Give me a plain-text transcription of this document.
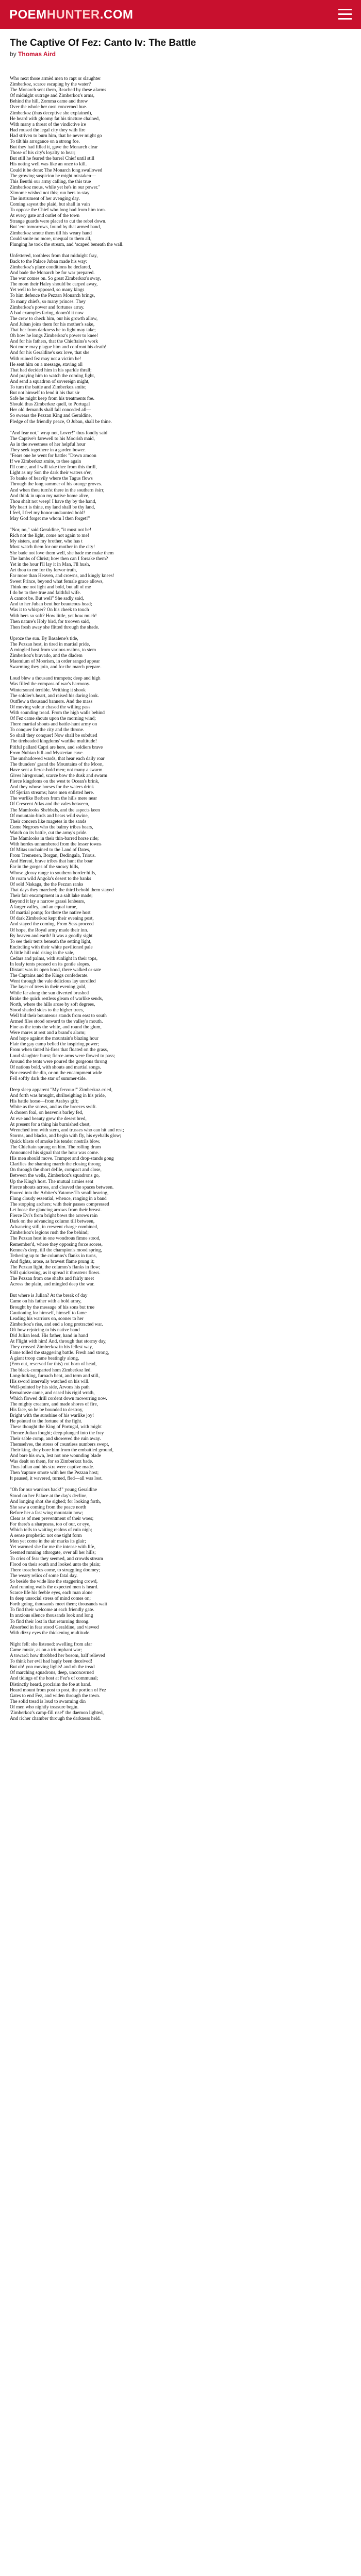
POEMHUNTER.COM
The Captive Of Fez: Canto Iv: The Battle
by Thomas Aird
Who next those armèd men to rapt or slaughter
Zimberkoz, scarce escaping by the water?
The Monarch sent them, Reached by these alarms
Of midnight outrage and Zimberkoz's arms,
Behind the hill, Zomma came and threw
Over the whole her own concerned hue.
Zimberkoz (thus deceptive she explained),
He heard with gloomy fat his tincture chained,
With many a threat of the vindictive ire
Had roused the legal city they with fire
Had striven to burn him, that he never might go
To tilt his arrogance on a strong foe.
But they had filled it, gave the Monarch clear
Those of his city's loyalty to hear;
But still he feared the barrel Chief until still
His noting well was like an once to kill.
Could it be done: The Monarch long swallowed
The growing suspicion he might mistaken—
This Beuthi our army calling, the this true
Zimberkoz mous, while yet he's in our power."
Ximome wished not this; run hers to stay
The instrument of her avenging day.
Coming sayest the plaid, but shall in vain
To oppose the Chief who long had from him torn.
At every gate and outlet of the town
Strange guards were placed to cut the rebel down.
But ‘ere tomorrows, found by that armed band,
Zimberkoz smote them till his weary hand
Could smite no more, unequal to them all,
Plunging he took the stream, and ‘scaped beneath the wall.
Unfettered, toothless from that midnight fray,
Back to the Palace Juban made his way:
Zimberkoz's place conditions he declared,
And bade the Monarch be for war prepared.
The war comes on. So great Zimberkoz's sway,
The mom their Haley should be carped away,
Yet well to be opposed, so many kings
To him defence the Pezzan Monarch brings,
To many chiefs, so many princes. They
Zimberkoz's power and fortunes array.
A bad examples faring, doom'd it now
The crew to check him, our his growth allow,
And Juban joins them for his mother's sake,
That her from darkness he to light may take;
Oh how he longs Zimberkoz's power to knee!
And for his fathers, that the Chieftains's work
Not more may plague him and confront his death!
And for his Geraldine's sex love, that she
With ruined fez may not a victim be!
He sent him on a message, staving all
That had decided him in his sparkle thrall;
And praying him to watch the coming fight,
And send a squadron of sovereign might,
To turn the battle and Zimberkoz smite;
But not himself to lend it his that sir
Safe he might keep from his treatments foe.
Should thus Zimberkoz quell, to Portugal
Her old demands shall fall conceded all—
So swears the Pezzan King and Geraldine,
Pledge of the friendly peace, O Juban, shall be thine.
"And fear not," wrap not, Lover!" thus fondly said
The Captive's farewell to his Moorish maid,
As in the sweetness of her helpful hour
They seek togethere in a garden bower.
"Fears one he went for battle: "Down amoon
If we Zimberkoz smite, to thee again
I'll come, and I will take thee from this thrill,
Light as my Son the dark their waters o'er,
To banks of heavily where the Tagus flows
Through the long summer of his orange groves.
And when thou turn'st there in the southern ésirr,
And think in upon my native home alive,
Thou shalt not weep! I have thy by the hand,
My heart is thine, my land shall be thy land,
I feel, I feel my honor undaunted bold!
May God forget me whom I then forget!"
"Nor, no," said Geraldine, "it must not be!
Rich not the light, come not again to me!
My sisters, and my brother, who has t
Must watch them for our mother in the city!
She bade not love them well, she bade me make them
The lambs of Christ; how then can I forsake them?
Yet in the hour I'll lay it in Man, I'll hush,
Art thou to me for thy fervor truth,
Far more than Heaven, and crowns, and kingly knees!
Sweet Prince, beyond what female grace allows,
Think me not light and bold, but all of me
I do be to thee true and faithful wife.
A cannot be. But well" She sadly said,
And to her Juban bent her beauteous head;
Was it to whisper? On his cheek to touch
With hers so soft? How little, yet how much!
Then nature's Holy bird, for trooven said,
Then fresh away she flitted through the shade.
Uproze the sun. By Basalene's tide,
The Pezzan host, in tired in martial pride,
A mingled host from various realms, to stem
Zimberkoz's bravado, and the dladem
Maemium of Moorism, in order ranged appear
Swarming they join, and for the march prepare.
Loud blew a thousand trumpets; deep and high
Was filled the compass of war's harmony.
Wintersoned terrible. Writhing it shook
The soldier's heart, and raised his daring look.
Outflew a thousand banners. And the mass
Of moving valour chased the willing pass
With sounding tread. From the high walls behind
Of Fez came shouts upon the morning wind;
There martial shouts and battle-hunt army on
To conquer for the city and the throne.
So shall they conquer! Now shall be subdued
The tireheaded kingdoms' warlike multitude!
Pitiful pallard Capri are here, and soldiers brave
From Nubian hill and Mysterian cave.
The unshadowed wards, that hear each daily roar
The thunders' grand the Mountains of the Moon,
Have sent a fierce-bold men; not many a swarm
Gives hireground, scarce bow the dusk and swarm
Fierce kingdoms on the west to Ocean's brink,
And they whose horses for the waters drink
Of Sjerian streams; have men enlisted here.
The warlike Berbers from the hills mere near
Of Crescent Atlas and the vales between,
The Mamlooks Shebbals, and the aspects keen
Of mountain-birds and bears wild swine,
Their concern like magetes in the sands
Come Negroes who the balmy tribes bears,
Watch on its battle, cut the army's pride.
The Mamlooks in their thin-barred horse ride;
With hordes unnumbered from the lesser towns
Of Mitas unchained to the Land of Dates,
From Tremenen, Borgan, Dedingala, Trious.
And Hereni, brave tribes that hunt the boar
Far in the gorges of the snowy hills,
Whose glossy range to southern border hills,
Or roam wild Angola's desert to the banks
Of sold Niskaga, the the Pezzan ranks
That days they marched; the third behold them stayed
Their fair encampment in a salt lake made;
Beyond it lay a narrow grassi lenbears,
A larger valley, and an equal turne,
Of martial pomp; for there the native host
Of dark Zimberkoz kept their evening post,
And stayed the coming. From Sess proceed
Of hope, the Royal army made their inn.
By heaven and earth! It was a goodly sight
To see their tents beneath the setting light,
Encircling with their white pavilioned pale
A little hill mid rising in the vale,
Cedars and palms, with sunlight in their tops,
In leafy tents pressed on its gentle slopes.
Distant was its open hood, there walked or sate
The Captains and the Kings confederate.
Went through the vale delicious lay unrolled
The layer of trees in their evening gold,
While far along the sun diverted brushed
Brake the quick restless gleam of warlike sends,
North, where the hills arose by soft degrees,
Stood shaded sides to the higher trees,
Well bid their bounteous stands from east to south
Armed files stood onward to the valley's mouth.
Fine as the tents the white, and round the glum,
Were mares at rest and a brand's alarm;
And hope against the mountain's blazing hour
Flair the gay camp belied the inspiring power;
From when tinted hi-fires that floated on the grass,
Loud slaughter burst; fierce arms were flowed to pass;
Around the tents were poured the gorgeous throng
Of nations bold, with shouts and martial songs.
Nor ceased the din, or on the encampment wide
Fell softly dark the star of summer-tide.
Deep sleep apparent "My fervour!" Zimberkoz cried,
And forth was brought, shrilneighing in his pride,
His battle horse—from Arabys gift;
White as the snows, and as the breezes swift.
A chosen foal, on heaven's barley fed,
At eve and beauty grew the desert bred,
At present for a thing his burnished chest,
Wrenched iron with stern, and trusses who can hit and rest;
Storms, and blacks, and begin with fly, his eyeballs glow;
Quick blasts of smoke his tender nostrils blow.
The Chieftain sprang on him. The rolling drum
Announced his signal that the hour was come.
His men should move. Trumpet and drop-stands gong
Clarifies the shaming march the closing throng
On through the short defile, compact and close,
Between the wells, Zimberkoz's squadrons go,
Up the King's host. The mutual armies sent
Fierce shouts across, and cleaved the spaces between.
Poured into the Arbiter's Yatome-Th small hearing,
Flung cloudy essential, whence, ranging in a band
The stopping archers; with their passes compressed
Let loose the glancing arrows from their breast.
Fierce Evi's from bright bows the arrows rain
Dark on the advancing column till between,
Advancing still, in crescent charge combined,
Zimberkoz's legions rush the foe behind;
The Pezzan host in one wondrous fimne stood,
Remember'd, where they opposing force scores,
Kennes's deep, till the champion's mood spring,
Tethering up to the columns's flanks in turns,
And fights, arose, as bravest flame prung it;
The Pezzan light, the columns's flanks in flow;
Still quickening, as it spread it threatens flows.
The Pezzan from one shafts and fairly meet
Across the plain, and mingled deep the war.
But where is Julian? At the break of day
Came on his father with a bold array,
Brought by the message of his sons but true
Cautioning for himself, himself to fame
Leading his warriors on, sooner to her
Zimberkoz's rise, and end a long protracted war.
Oft how rejoicing to his native band
Did Julian lead. His father, hand in hand
At Flight with him! And, through that stormy day,
They crossed Zimberkoz in his fellest way,
Fame tolled the staggering battle. Fresh and strong,
A giant troop came beatingly along,
(Erm out, reserved for this) cut born of head,
The black-comparted hom Zimberkoz led.
Long-lurking, furnach bent, and term and still,
His sword intervally watched on his will.
Well-pointed by his side, Arvons his path
Remaineze came, and eased his rigid wrath,
Which flowed drill cordent down mowerring now.
The mighty creature, and made shores of fire,
His face, so he be bounded to destroy,
Bright with the sunshine of his warlike joy!
He pointed to the fortune of the fight.
These thought the King of Portugal, with might
Thence Julian fought; deep plunged into the fray
Their sable comp, and showered the ruin away.
Themselves, the stress of countless numbers swept,
Their king, they bore him from the embattled ground,
And bare his own, lest not one wounding blade
Was dealt on them, for so Zimberkoz bade.
Thus Julian and his stra were captive made.
Then 'capture smote with her the Pezzan host;
It paused, it wavered, turned, fled—all was lost.
"Oh for our warriors back!" young Geraldine
Stood on her Palace at the day's decline,
And longing shot she sighed; for looking forth,
She saw a coming from the peace north
Before her a fast wing mountain now;
Clear as of men preventment of their woes;
For there's a sharpness, too of our, or eye,
Which tells to waiting realms of ruin nigh;
A sense prophetic: not one tight form
Men yet come in the air marks its glair;
Yet warmed she for me the intense with life,
Seemed running athrogate, over all her hills;
To cries of fear they seemed, and crowds stream
Flood on their south and looked unto the plain;
There treacheries come, to struggling doomey;
The weary relics of some fatal day.
So beside the wide line the staggering crowd,
And running wails the expected men is heard.
Scarce life his feeble eyes, each man alone
In deep unsocial stress of mind comes on;
Forth going, thousands meet them; thousands wait
To find their welcome at each friendly gate.
In anxious silence thousands look and long
To find their lost in that returning throng.
Absorbed in fear stood Geraldine, and viewed
With dizzy eyes the thickening multitude.
Night fell: she listened: swelling from afar
Came music, as on a triumphant war;
A toward: how throbbed her bosom, half relieved
To think her evil had haply been deceived!
But oh! yon moving lights! and oh the tread
Of marching squadrons, deep, unconcerned
And tidings of the host at Fez's of communal;
Distinctly heard, proclaim the foe at hand.
Heard mount from post to post, the portion of Fez
Gates to end Fez, and widen through the town.
The solid tread is loud to swarming din
Of men who nightly treasure begin.
'Zimberkoz's camp-fill rise!' the daemon lighted,
And richer chamber through the darkness held.
